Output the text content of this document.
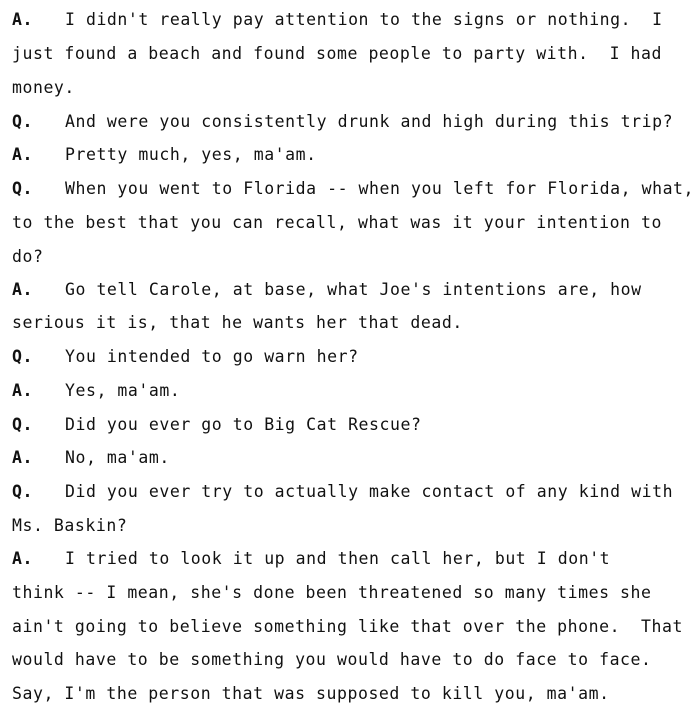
A. I didn't really pay attention to the signs or nothing.  I
just found a beach and found some people to party with.  I had
money.
Q. And were you consistently drunk and high during this trip?
A. Pretty much, yes, ma'am.
Q. When you went to Florida -- when you left for Florida, what,
to the best that you can recall, what was it your intention to
do?
A. Go tell Carole, at base, what Joe's intentions are, how
serious it is, that he wants her that dead.
Q. You intended to go warn her?
A. Yes, ma'am.
Q. Did you ever go to Big Cat Rescue?
A. No, ma'am.
Q. Did you ever try to actually make contact of any kind with
Ms. Baskin?
A. I tried to look it up and then call her, but I don't
think -- I mean, she's done been threatened so many times she
ain't going to believe something like that over the phone.  That
would have to be something you would have to do face to face.
Say, I'm the person that was supposed to kill you, ma'am.
